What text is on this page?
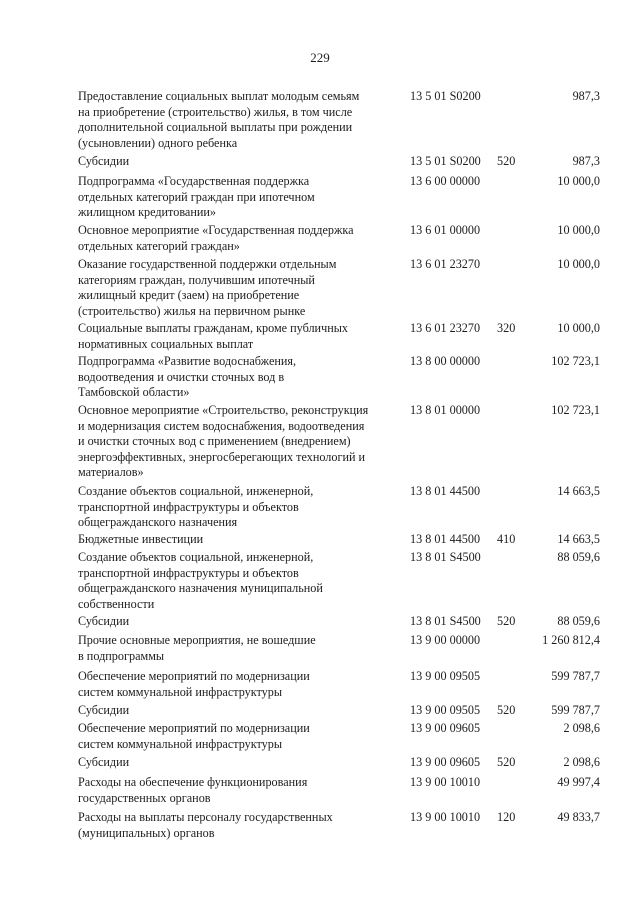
229
Предоставление социальных выплат молодым семьям
на приобретение (строительство) жилья, в том числе
дополнительной социальной выплаты при рождении
(усыновлении) одного ребенка
13 5 01 S0200	987,3
Субсидии	13 5 01 S0200	520	987,3
Подпрограмма «Государственная поддержка
отдельных категорий граждан при ипотечном
жилищном кредитовании»
13 6 00 00000	10 000,0
Основное мероприятие «Государственная поддержка
отдельных категорий граждан»
13 6 01 00000	10 000,0
Оказание государственной поддержки отдельным
категориям граждан, получившим ипотечный
жилищный кредит (заем) на приобретение
(строительство) жилья на первичном рынке
13 6 01 23270	10 000,0
Социальные выплаты гражданам, кроме публичных
нормативных социальных выплат
13 6 01 23270	320	10 000,0
Подпрограмма «Развитие водоснабжения,
водоотведения и очистки сточных вод в
Тамбовской области»
13 8 00 00000	102 723,1
Основное мероприятие «Строительство, реконструкция
и модернизация систем водоснабжения, водоотведения
и очистки сточных вод с применением (внедрением)
энергоэффективных, энергосберегающих технологий и
материалов»
13 8 01 00000	102 723,1
Создание объектов социальной, инженерной,
транспортной инфраструктуры и объектов
общегражданского назначения
13 8 01 44500	14 663,5
Бюджетные инвестиции	13 8 01 44500	410	14 663,5
Создание объектов социальной, инженерной,
транспортной инфраструктуры и объектов
общегражданского назначения муниципальной
собственности
13 8 01 S4500	88 059,6
Субсидии	13 8 01 S4500	520	88 059,6
Прочие основные мероприятия, не вошедшие
в подпрограммы
13 9 00 00000	1 260 812,4
Обеспечение мероприятий по модернизации
систем коммунальной инфраструктуры
13 9 00 09505	599 787,7
Субсидии	13 9 00 09505	520	599 787,7
Обеспечение мероприятий по модернизации
систем коммунальной инфраструктуры
13 9 00 09605	2 098,6
Субсидии	13 9 00 09605	520	2 098,6
Расходы на обеспечение функционирования
государственных органов
13 9 00 10010	49 997,4
Расходы на выплаты персоналу государственных
(муниципальных) органов
13 9 00 10010	120	49 833,7
